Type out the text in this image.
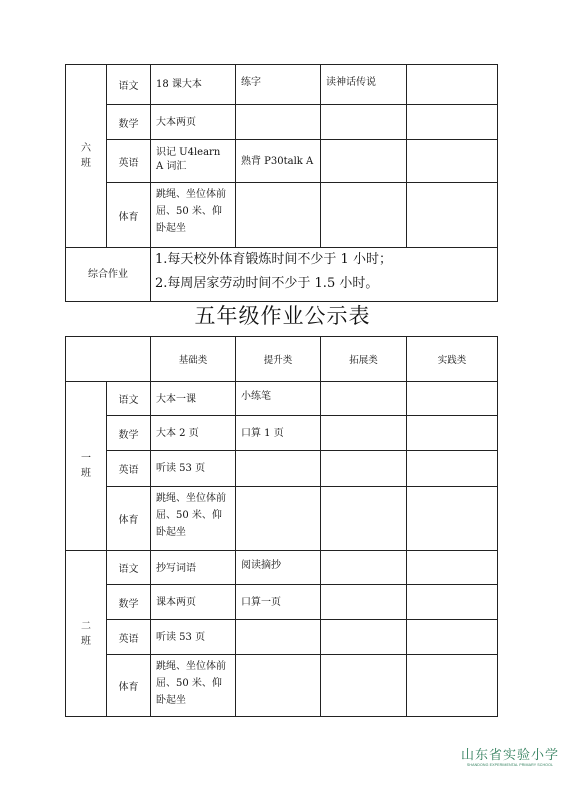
六班	语文	18 课大本	练字	读神话传说	
	数学	大本两页			
	英语	识记 U4learn A 词汇	熟背 P30talk A		
	体育	跳绳、坐位体前屈、50 米、仰卧起坐			
综合作业		1.每天校外体育锻炼时间不少于 1 小时；
2.每周居家劳动时间不少于 1.5 小时。			
五年级作业公示表
		基础类	提升类	拓展类	实践类
一班	语文	大本一课	小练笔		
	数学	大本 2 页	口算 1 页		
	英语	听读 53 页			
	体育	跳绳、坐位体前屈、50 米、仰卧起坐			
二班	语文	抄写词语	阅读摘抄		
	数学	课本两页	口算一页		
	英语	听读 53 页			
	体育	跳绳、坐位体前屈、50 米、仰卧起坐			
山东省实验小学
SHANDONG EXPERIMENTAL PRIMARY SCHOOL
